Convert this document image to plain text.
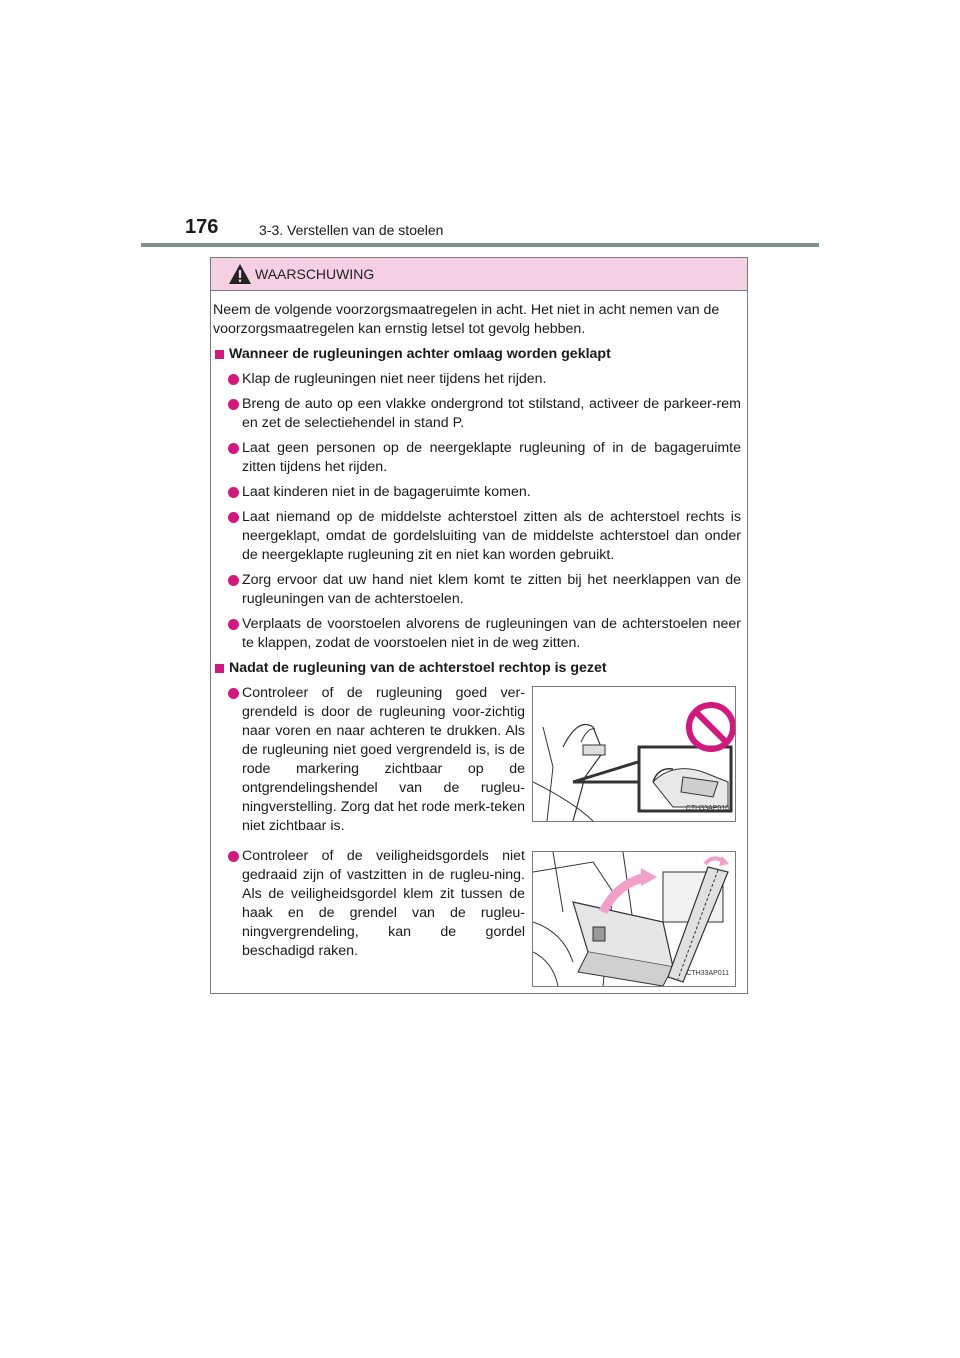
176	3-3. Verstellen van de stoelen
WAARSCHUWING

Neem de volgende voorzorgsmaatregelen in acht. Het niet in acht nemen van de voorzorgsmaatregelen kan ernstig letsel tot gevolg hebben.

Wanneer de rugleuningen achter omlaag worden geklapt

Klap de rugleuningen niet neer tijdens het rijden.
Breng de auto op een vlakke ondergrond tot stilstand, activeer de parkeer-rem en zet de selectiehendel in stand P.
Laat geen personen op de neergeklapte rugleuning of in de bagageruimte zitten tijdens het rijden.
Laat kinderen niet in de bagageruimte komen.
Laat niemand op de middelste achterstoel zitten als de achterstoel rechts is neergeklapt, omdat de gordelsluiting van de middelste achterstoel dan onder de neergeklapte rugleuning zit en niet kan worden gebruikt.
Zorg ervoor dat uw hand niet klem komt te zitten bij het neerklappen van de rugleuningen van de achterstoelen.
Verplaats de voorstoelen alvorens de rugleuningen van de achterstoelen neer te klappen, zodat de voorstoelen niet in de weg zitten.

Nadat de rugleuning van de achterstoel rechtop is gezet

Controleer of de rugleuning goed ver-grendeld is door de rugleuning voor-zichtig naar voren en naar achteren te drukken. Als de rugleuning niet goed vergrendeld is, is de rode markering zichtbaar op de ontgrendelingshendel van de rugleu-ningverstelling. Zorg dat het rode merk-teken niet zichtbaar is.
CTH33AP010
Controleer of de veiligheidsgordels niet gedraaid zijn of vastzitten in de rugleu-ning. Als de veiligheidsgordel klem zit tussen de haak en de grendel van de rugleu-ningvergrendeling, kan de gordel beschadigd raken.
CTH33AP011
